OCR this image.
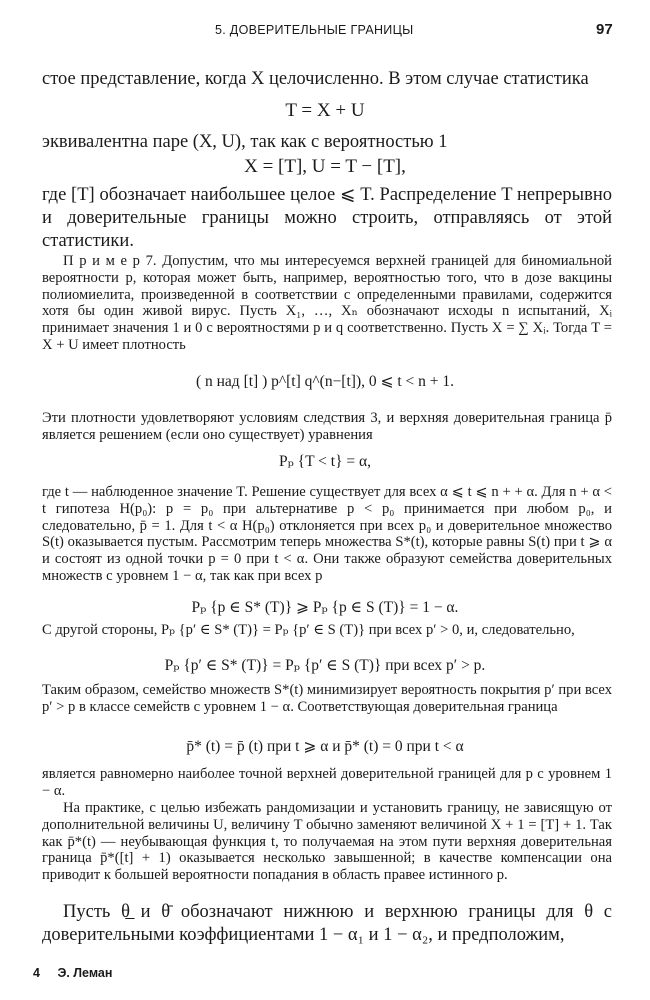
5. ДОВЕРИТЕЛЬНЫЕ ГРАНИЦЫ	97

стое представление, когда X целочисленно. В этом случае статистика

T = X + U

эквивалентна паре (X, U), так как с вероятностью 1

X = [T], U = T − [T],

где [T] обозначает наибольшее целое ⩽ T. Распределение T непрерывно и доверительные границы можно строить, отправляясь от этой статистики.

П р и м е р 7. Допустим, что мы интересуемся верхней границей для биномиальной вероятности p, которая может быть, например, вероятностью того, что в дозе вакцины полиомиелита, произведенной в соответствии с определенными правилами, содержится хотя бы один живой вирус. Пусть X₁, …, Xₙ обозначают исходы n испытаний, Xᵢ принимает значения 1 и 0 с вероятностями p и q соответственно. Пусть X = ∑ Xᵢ. Тогда T = X + U имеет плотность

( n над [t] ) p^[t] q^(n−[t]), 0 ⩽ t < n + 1.

Эти плотности удовлетворяют условиям следствия 3, и верхняя доверительная граница p̄ является решением (если оно существует) уравнения

Pₚ {T < t} = α,

где t — наблюденное значение T. Решение существует для всех α ⩽ t ⩽ n + + α. Для n + α < t гипотеза H(p₀): p = p₀ при альтернативе p < p₀ принимается при любом p₀, и следовательно, p̄ = 1. Для t < α H(p₀) отклоняется при всех p₀ и доверительное множество S(t) оказывается пустым. Рассмотрим теперь множества S*(t), которые равны S(t) при t ⩾ α и состоят из одной точки p = 0 при t < α. Они также образуют семейства доверительных множеств с уровнем 1 − α, так как при всех p

Pₚ {p ∈ S* (T)} ⩾ Pₚ {p ∈ S (T)} = 1 − α.

С другой стороны, Pₚ {p′ ∈ S* (T)} = Pₚ {p′ ∈ S (T)} при всех p′ > 0, и, следовательно,

Pₚ {p′ ∈ S* (T)} = Pₚ {p′ ∈ S (T)} при всех p′ > p.

Таким образом, семейство множеств S*(t) минимизирует вероятность покрытия p′ при всех p′ > p в классе семейств с уровнем 1 − α. Соответствующая доверительная граница

p̄* (t) = p̄ (t) при t ⩾ α и p̄* (t) = 0 при t < α

является равномерно наиболее точной верхней доверительной границей для p с уровнем 1 − α.

На практике, с целью избежать рандомизации и установить границу, не зависящую от дополнительной величины U, величину T обычно заменяют величиной X + 1 = [T] + 1. Так как p̄*(t) — неубывающая функция t, то получаемая на этом пути верхняя доверительная граница p̄*([t] + 1) оказывается несколько завышенной; в качестве компенсации она приводит к большей вероятности попадания в область правее истинного p.

Пусть θ̲ и θ̄ обозначают нижнюю и верхнюю границы для θ с доверительными коэффициентами 1 − α₁ и 1 − α₂, и предположим,

4 Э. Леман
